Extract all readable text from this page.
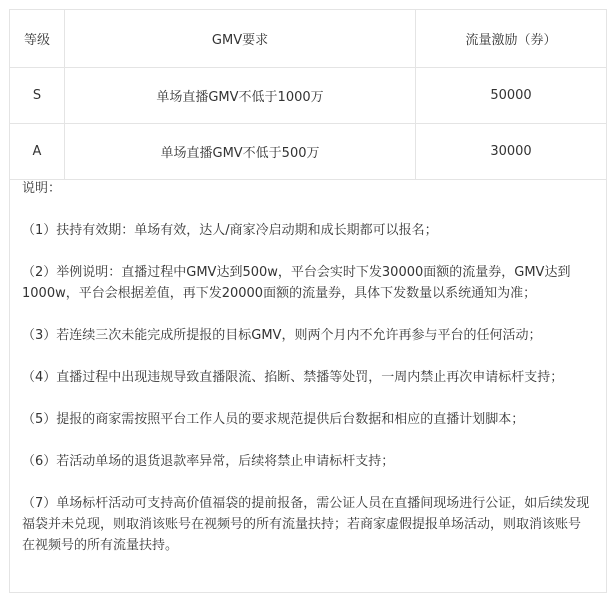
等级	GMV要求	流量激励（券）
S	单场直播GMV不低于1000万	50000
A	单场直播GMV不低于500万	30000

说明：

（1）扶持有效期：单场有效，达人/商家冷启动期和成长期都可以报名；

（2）举例说明：直播过程中GMV达到500w，平台会实时下发30000面额的流量券，GMV达到1000w，平台会根据差值，再下发20000面额的流量券，具体下发数量以系统通知为准；

（3）若连续三次未能完成所提报的目标GMV，则两个月内不允许再参与平台的任何活动；

（4）直播过程中出现违规导致直播限流、掐断、禁播等处罚，一周内禁止再次申请标杆支持；

（5）提报的商家需按照平台工作人员的要求规范提供后台数据和相应的直播计划脚本；

（6）若活动单场的退货退款率异常，后续将禁止申请标杆支持；

（7）单场标杆活动可支持高价值福袋的提前报备，需公证人员在直播间现场进行公证，如后续发现福袋并未兑现，则取消该账号在视频号的所有流量扶持；若商家虚假提报单场活动，则取消该账号在视频号的所有流量扶持。
